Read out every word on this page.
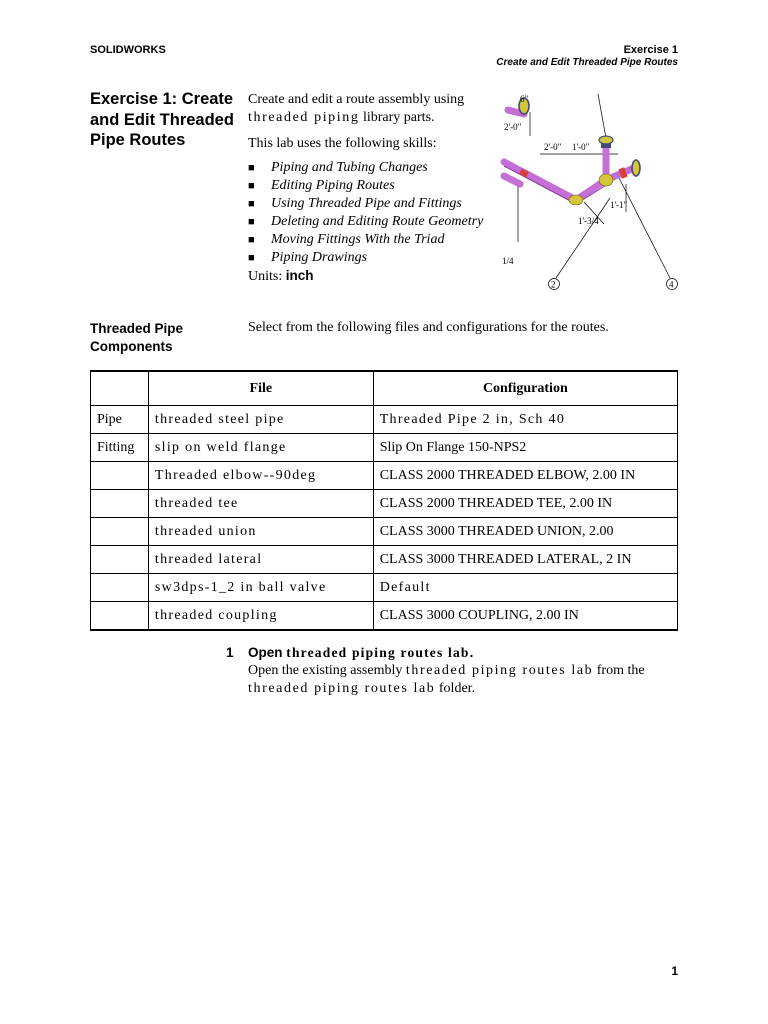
SOLIDWORKS	Exercise 1
Create and Edit Threaded Pipe Routes
Exercise 1: Create and Edit Threaded Pipe Routes

Create and edit a route assembly using threaded piping library parts.

This lab uses the following skills:

■ Piping and Tubing Changes
■ Editing Piping Routes
■ Using Threaded Pipe and Fittings
■ Deleting and Editing Route Geometry
■ Moving Fittings With the Triad
■ Piping Drawings

Units: inch

6"
2'-0"
2'-0" 1'-0"
1'-3/4
1/4
1'-1"
2	4
Threaded Pipe Components
Select from the following files and configurations for the routes.
	File	Configuration
Pipe	threaded steel pipe	Threaded Pipe 2 in, Sch 40
Fitting	slip on weld flange	Slip On Flange 150-NPS2
	Threaded elbow--90deg	CLASS 2000 THREADED ELBOW, 2.00 IN
	threaded tee	CLASS 2000 THREADED TEE, 2.00 IN
	threaded union	CLASS 3000 THREADED UNION, 2.00
	threaded lateral	CLASS 3000 THREADED LATERAL, 2 IN
	sw3dps-1_2 in ball valve	Default
	threaded coupling	CLASS 3000 COUPLING, 2.00 IN
1 Open threaded piping routes lab.
Open the existing assembly threaded piping routes lab from the
threaded piping routes lab folder.
1
